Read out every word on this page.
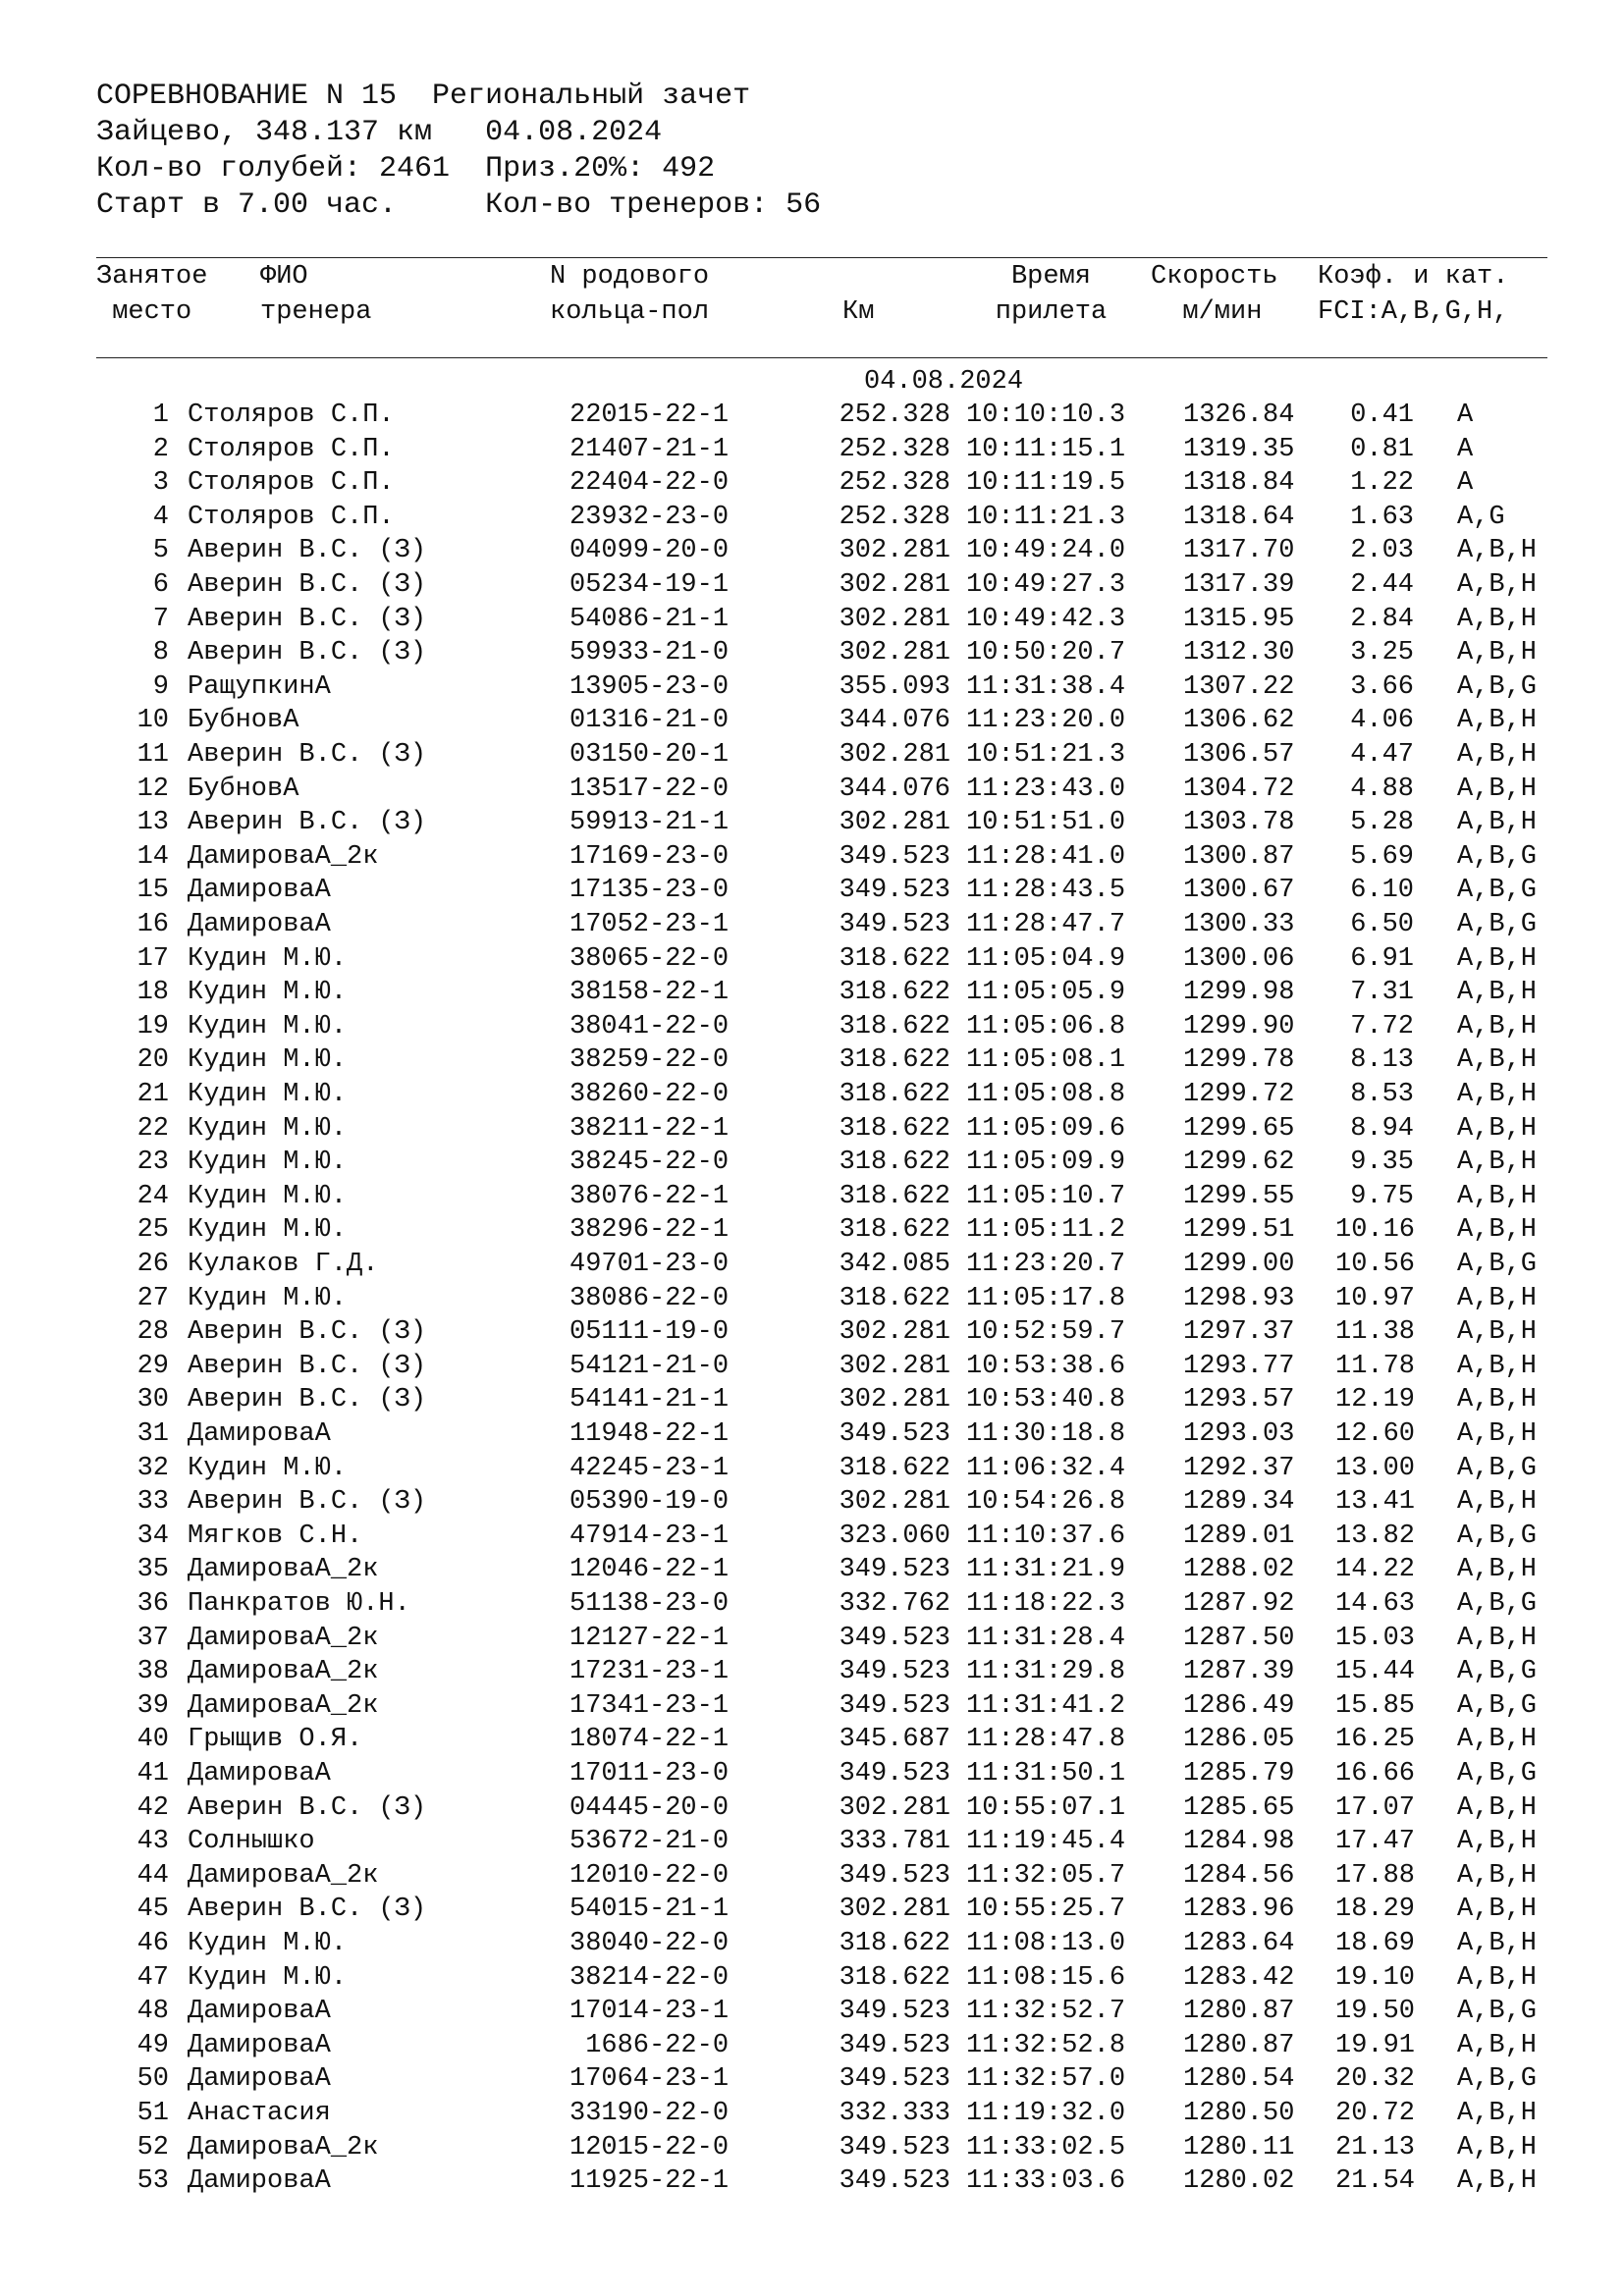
СОРЕВНОВАНИЕ N 15  Региональный зачет
Зайцево, 348.137 км   04.08.2024
Кол-во голубей: 2461  Приз.20%: 492
Старт в 7.00 час.     Кол-во тренеров: 56
Занятое
место
ФИО
тренера
N родового
кольца-пол	Км
Время
прилета
Скорость
м/мин
Коэф. и кат.
FCI:A,B,G,H,
04.08.2024
1 Столяров С.П.	22015-22-1	252.328 10:10:10.3 1326.84	0.41 A
2 Столяров С.П.	21407-21-1	252.328 10:11:15.1 1319.35	0.81 A
3 Столяров С.П.	22404-22-0	252.328 10:11:19.5 1318.84	1.22 A
4 Столяров С.П.	23932-23-0	252.328 10:11:21.3 1318.64	1.63 A,G
5 Аверин В.С. (З)	04099-20-0	302.281 10:49:24.0 1317.70	2.03 A,B,H
6 Аверин В.С. (З)	05234-19-1	302.281 10:49:27.3 1317.39	2.44 A,B,H
7 Аверин В.С. (З)	54086-21-1	302.281 10:49:42.3 1315.95	2.84 A,B,H
8 Аверин В.С. (З)	59933-21-0	302.281 10:50:20.7 1312.30	3.25 A,B,H
9 РащупкинА	13905-23-0	355.093 11:31:38.4 1307.22	3.66 A,B,G
10 БубновА	01316-21-0	344.076 11:23:20.0 1306.62	4.06 A,B,H
11 Аверин В.С. (З)	03150-20-1	302.281 10:51:21.3 1306.57	4.47 A,B,H
12 БубновА	13517-22-0	344.076 11:23:43.0 1304.72	4.88 A,B,H
13 Аверин В.С. (З)	59913-21-1	302.281 10:51:51.0 1303.78	5.28 A,B,H
14 ДамироваА_2к	17169-23-0	349.523 11:28:41.0 1300.87	5.69 A,B,G
15 ДамироваА	17135-23-0	349.523 11:28:43.5 1300.67	6.10 A,B,G
16 ДамироваА	17052-23-1	349.523 11:28:47.7 1300.33	6.50 A,B,G
17 Кудин М.Ю.	38065-22-0	318.622 11:05:04.9 1300.06	6.91 A,B,H
18 Кудин М.Ю.	38158-22-1	318.622 11:05:05.9 1299.98	7.31 A,B,H
19 Кудин М.Ю.	38041-22-0	318.622 11:05:06.8 1299.90	7.72 A,B,H
20 Кудин М.Ю.	38259-22-0	318.622 11:05:08.1 1299.78	8.13 A,B,H
21 Кудин М.Ю.	38260-22-0	318.622 11:05:08.8 1299.72	8.53 A,B,H
22 Кудин М.Ю.	38211-22-1	318.622 11:05:09.6 1299.65	8.94 A,B,H
23 Кудин М.Ю.	38245-22-0	318.622 11:05:09.9 1299.62	9.35 A,B,H
24 Кудин М.Ю.	38076-22-1	318.622 11:05:10.7 1299.55	9.75 A,B,H
25 Кудин М.Ю.	38296-22-1	318.622 11:05:11.2 1299.51 10.16 A,B,H
26 Кулаков Г.Д.	49701-23-0	342.085 11:23:20.7 1299.00 10.56 A,B,G
27 Кудин М.Ю.	38086-22-0	318.622 11:05:17.8 1298.93 10.97 A,B,H
28 Аверин В.С. (З)	05111-19-0	302.281 10:52:59.7 1297.37 11.38 A,B,H
29 Аверин В.С. (З)	54121-21-0	302.281 10:53:38.6 1293.77 11.78 A,B,H
30 Аверин В.С. (З)	54141-21-1	302.281 10:53:40.8 1293.57 12.19 A,B,H
31 ДамироваА	11948-22-1	349.523 11:30:18.8 1293.03 12.60 A,B,H
32 Кудин М.Ю.	42245-23-1	318.622 11:06:32.4 1292.37 13.00 A,B,G
33 Аверин В.С. (З)	05390-19-0	302.281 10:54:26.8 1289.34 13.41 A,B,H
34 Мягков С.Н.	47914-23-1	323.060 11:10:37.6 1289.01 13.82 A,B,G
35 ДамироваА_2к	12046-22-1	349.523 11:31:21.9 1288.02 14.22 A,B,H
36 Панкратов Ю.Н.	51138-23-0	332.762 11:18:22.3 1287.92 14.63 A,B,G
37 ДамироваА_2к	12127-22-1	349.523 11:31:28.4 1287.50 15.03 A,B,H
38 ДамироваА_2к	17231-23-1	349.523 11:31:29.8 1287.39 15.44 A,B,G
39 ДамироваА_2к	17341-23-1	349.523 11:31:41.2 1286.49 15.85 A,B,G
40 Грыщив О.Я.	18074-22-1	345.687 11:28:47.8 1286.05 16.25 A,B,H
41 ДамироваА	17011-23-0	349.523 11:31:50.1 1285.79 16.66 A,B,G
42 Аверин В.С. (З)	04445-20-0	302.281 10:55:07.1 1285.65 17.07 A,B,H
43 Солнышко	53672-21-0	333.781 11:19:45.4 1284.98 17.47 A,B,H
44 ДамироваА_2к	12010-22-0	349.523 11:32:05.7 1284.56 17.88 A,B,H
45 Аверин В.С. (З)	54015-21-1	302.281 10:55:25.7 1283.96 18.29 A,B,H
46 Кудин М.Ю.	38040-22-0	318.622 11:08:13.0 1283.64 18.69 A,B,H
47 Кудин М.Ю.	38214-22-0	318.622 11:08:15.6 1283.42 19.10 A,B,H
48 ДамироваА	17014-23-1	349.523 11:32:52.7 1280.87 19.50 A,B,G
49 ДамироваА	1686-22-0	349.523 11:32:52.8 1280.87 19.91 A,B,H
50 ДамироваА	17064-23-1	349.523 11:32:57.0 1280.54 20.32 A,B,G
51 Анастасия	33190-22-0	332.333 11:19:32.0 1280.50 20.72 A,B,H
52 ДамироваА_2к	12015-22-0	349.523 11:33:02.5 1280.11 21.13 A,B,H
53 ДамироваА	11925-22-1	349.523 11:33:03.6 1280.02 21.54 A,B,H
